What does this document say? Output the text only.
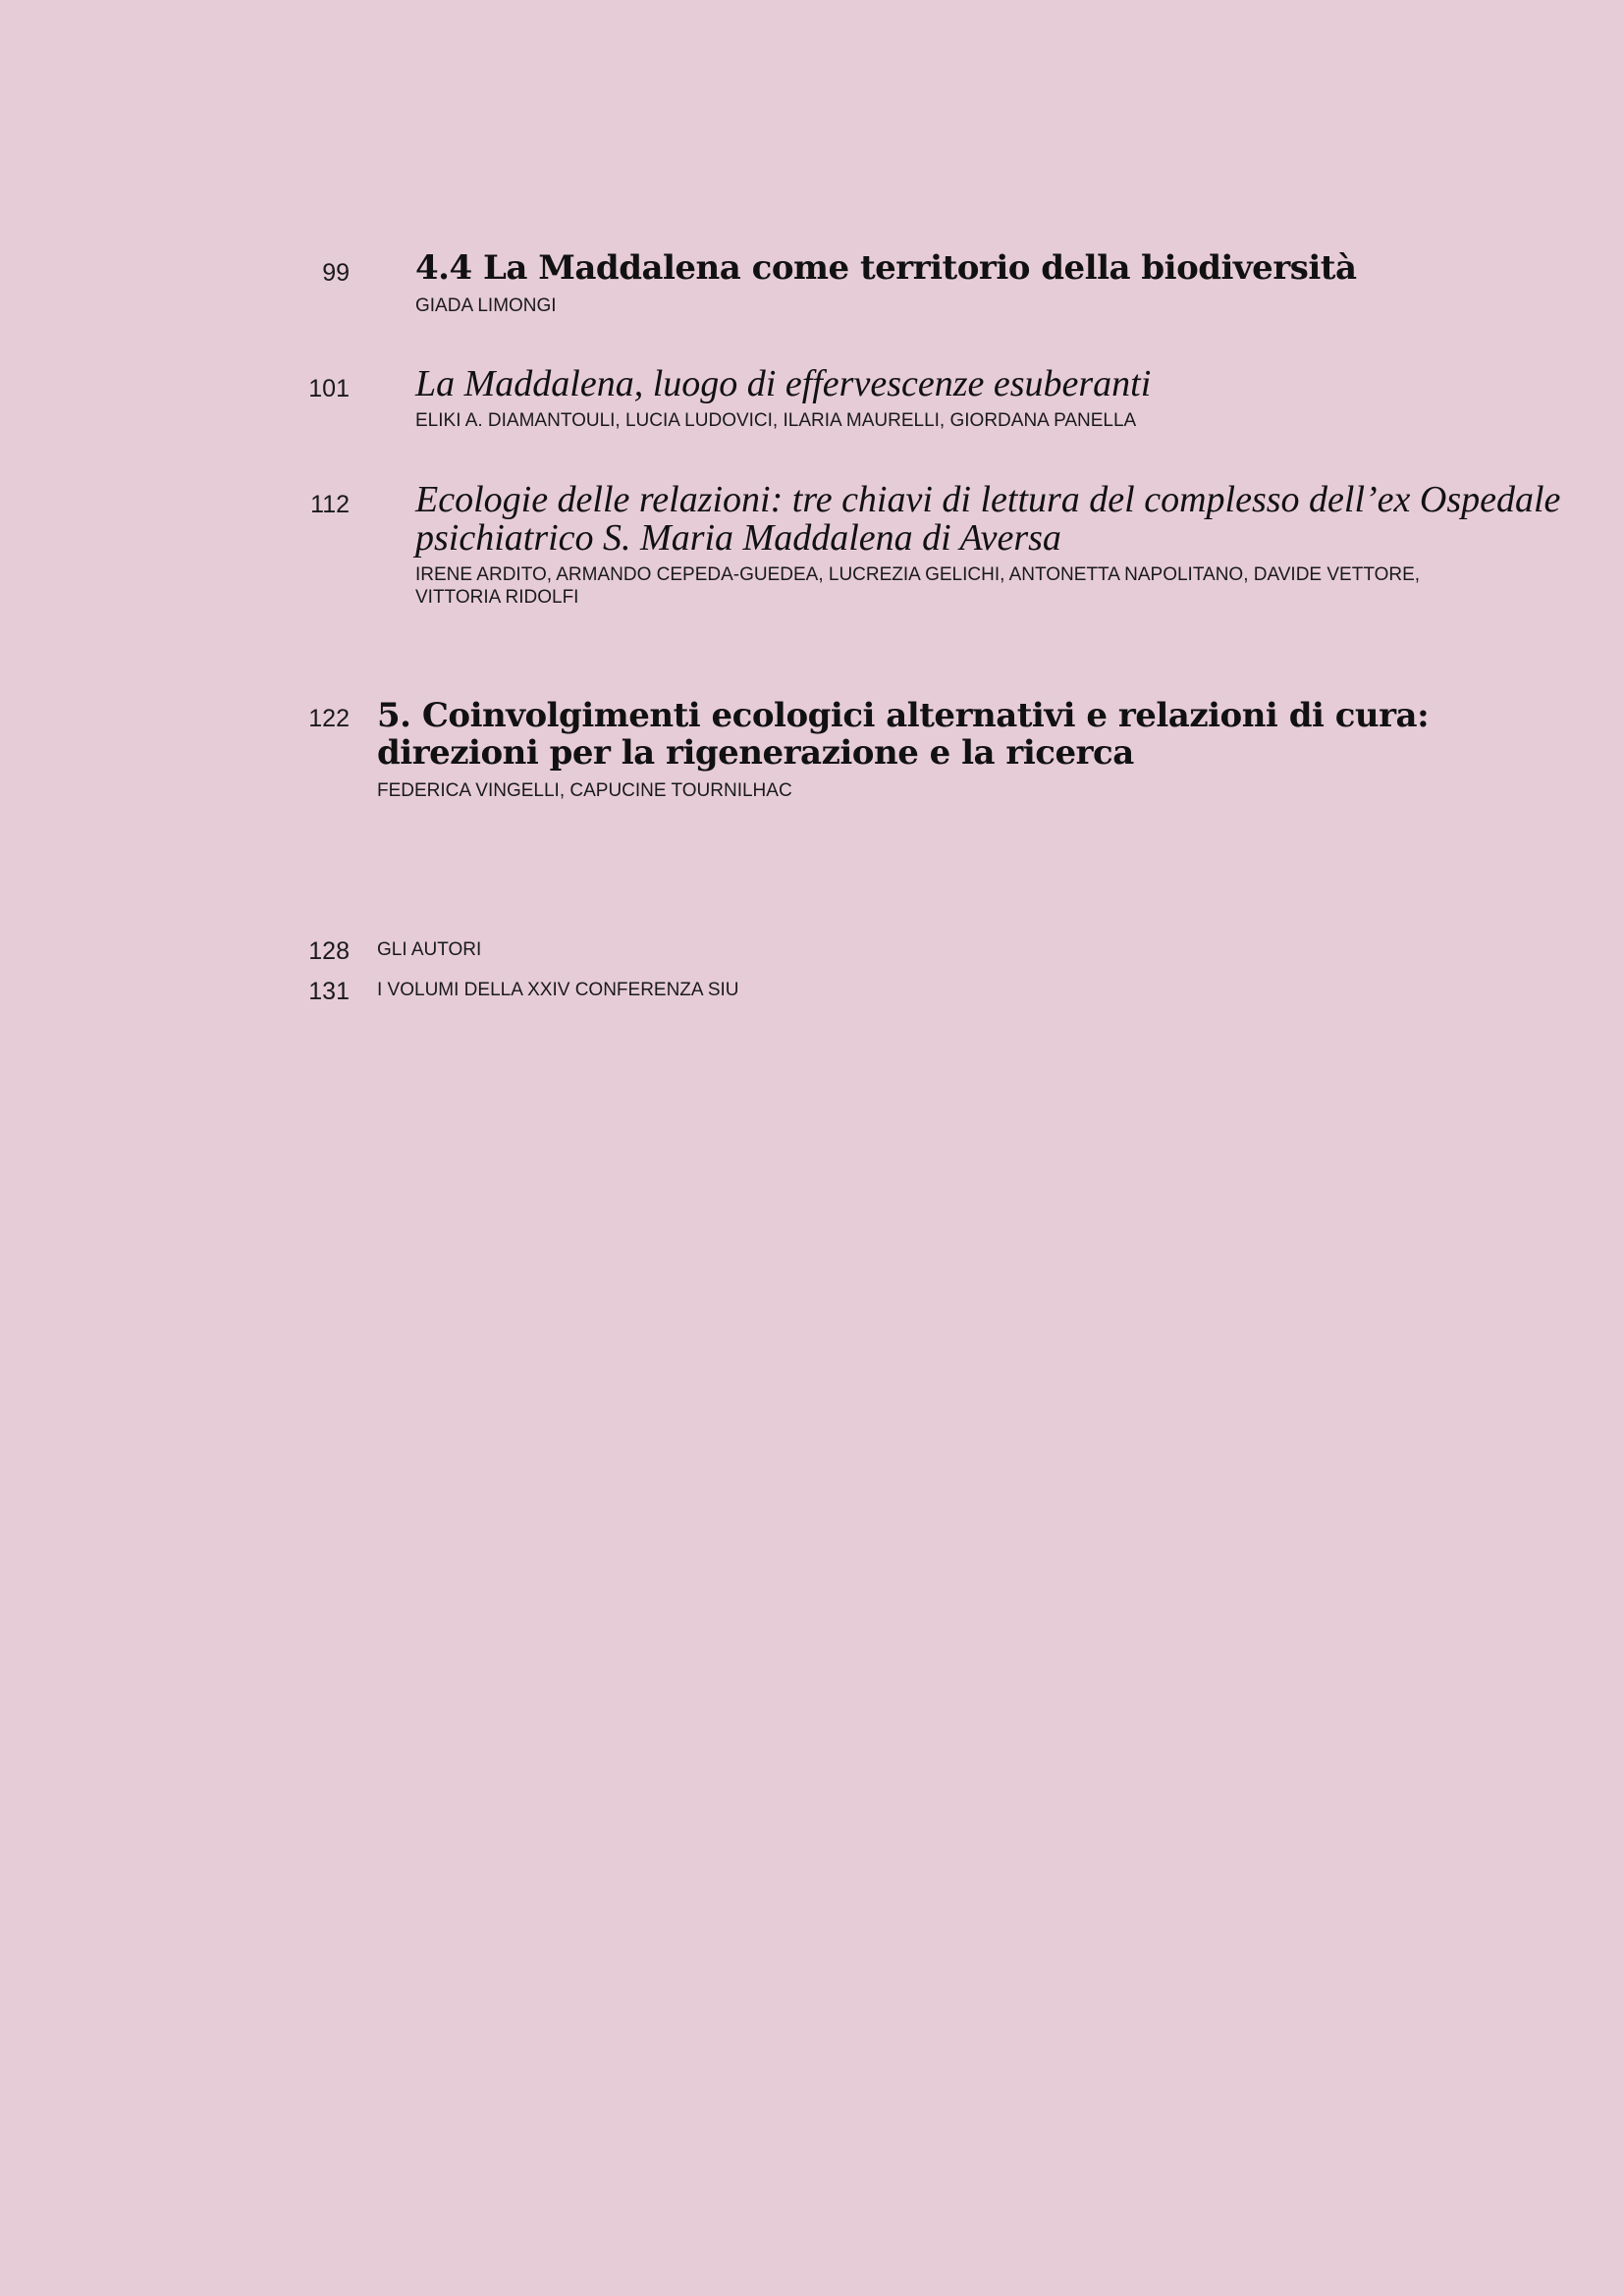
99 4.4 La Maddalena come territorio della biodiversità
GIADA LIMONGI
101 La Maddalena, luogo di effervescenze esuberanti
ELIKI A. DIAMANTOULI, LUCIA LUDOVICI, ILARIA MAURELLI, GIORDANA PANELLA
112 Ecologie delle relazioni: tre chiavi di lettura del complesso dell’ex Ospedale
psichiatrico S. Maria Maddalena di Aversa
IRENE ARDITO, ARMANDO CEPEDA-GUEDEA, LUCREZIA GELICHI, ANTONETTA NAPOLITANO, DAVIDE VETTORE,
VITTORIA RIDOLFI
122 5. Coinvolgimenti ecologici alternativi e relazioni di cura:
direzioni per la rigenerazione e la ricerca
FEDERICA VINGELLI, CAPUCINE TOURNILHAC
128 GLI AUTORI
131 I VOLUMI DELLA XXIV CONFERENZA SIU
